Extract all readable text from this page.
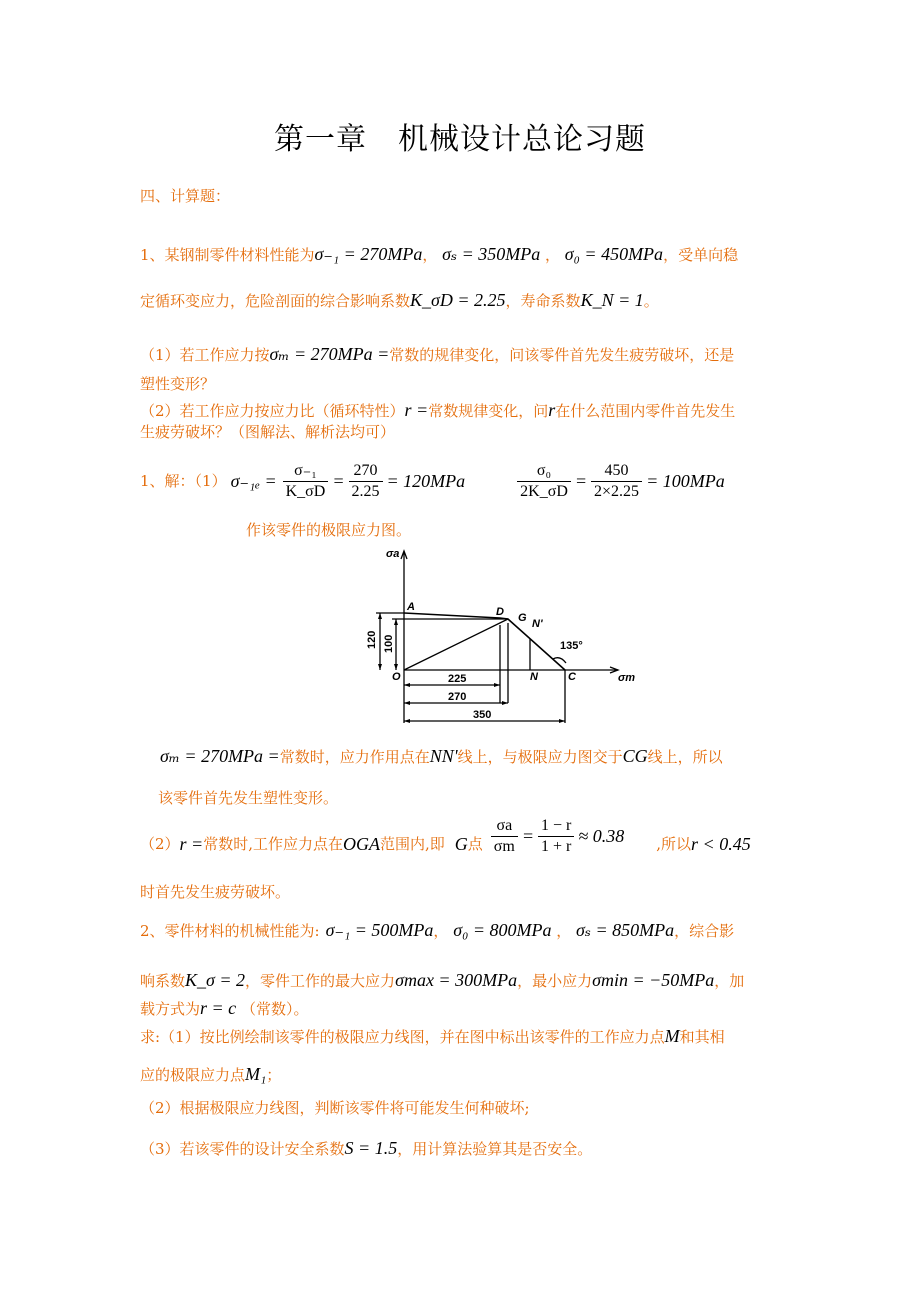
第一章　机械设计总论习题
四、计算题：
1、某钢制零件材料性能为σ₋₁ = 270MPa， σₛ = 350MPa ， σ₀ = 450MPa，受单向稳
定循环变应力，危险剖面的综合影响系数K_σD = 2.25，寿命系数K_N = 1。
（1）若工作应力按σₘ = 270MPa =常数的规律变化，问该零件首先发生疲劳破坏，还是
塑性变形？
（2）若工作应力按应力比（循环特性）r =常数规律变化，问r在什么范围内零件首先发生
生疲劳破坏？（图解法、解析法均可）
1、解：（1） $\sigma_{-1e} = \frac{\text{σ₋₁}}{K\_\sigma D} = \frac{270}{2.25} = 120MPa$	$\frac{\text{σ₀}}{2K\_\sigma D} = \frac{450}{2\times 2.25} = 100MPa$
作该零件的极限应力图。
σa
σm
A	D G N'
O	N	C
135°
225
270
350
120 100
σₘ = 270MPa =常数时，应力作用点在NN'线上，与极限应力图交于CG线上，所以
该零件首先发生塑性变形。
（2） r = 常数时,工作应力点在 OGA 范围内,即 G 点 $\frac{\sigma a}{\sigma m} = \frac{1 - r}{1 + r} \approx 0.38$ ,所以 r < 0.45
时首先发生疲劳破坏。
2、零件材料的机械性能为: σ₋₁ = 500MPa， σ₀ = 800MPa ， σₛ = 850MPa，综合影
响系数K_σ = 2，零件工作的最大应力σmax = 300MPa，最小应力σmin = −50MPa，加
载方式为r = c （常数）。
求:（1）按比例绘制该零件的极限应力线图，并在图中标出该零件的工作应力点M和其相
应的极限应力点M₁；
（2）根据极限应力线图，判断该零件将可能发生何种破坏;
（3）若该零件的设计安全系数S = 1.5，用计算法验算其是否安全。
